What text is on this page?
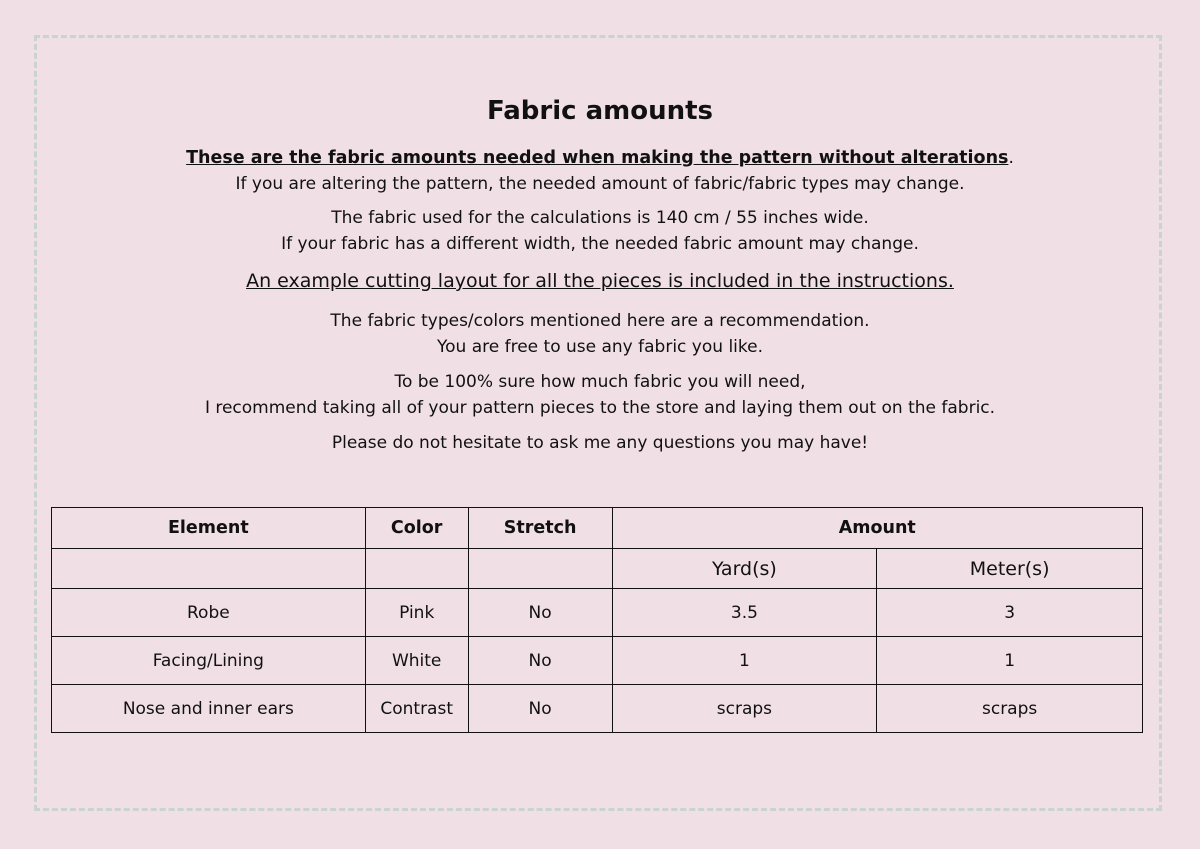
Fabric amounts

These are the fabric amounts needed when making the pattern without alterations.

If you are altering the pattern, the needed amount of fabric/fabric types may change.

The fabric used for the calculations is 140 cm / 55 inches wide.

If your fabric has a different width, the needed fabric amount may change.

An example cutting layout for all the pieces is included in the instructions.

The fabric types/colors mentioned here are a recommendation.

You are free to use any fabric you like.

To be 100% sure how much fabric you will need,

I recommend taking all of your pattern pieces to the store and laying them out on the fabric.

Please do not hesitate to ask me any questions you may have!
Element	Color	Stretch	Amount	
			Yard(s)	Meter(s)
Robe	Pink	No	3.5	3
Facing/Lining	White	No	1	1
Nose and inner ears	Contrast	No	scraps	scraps
